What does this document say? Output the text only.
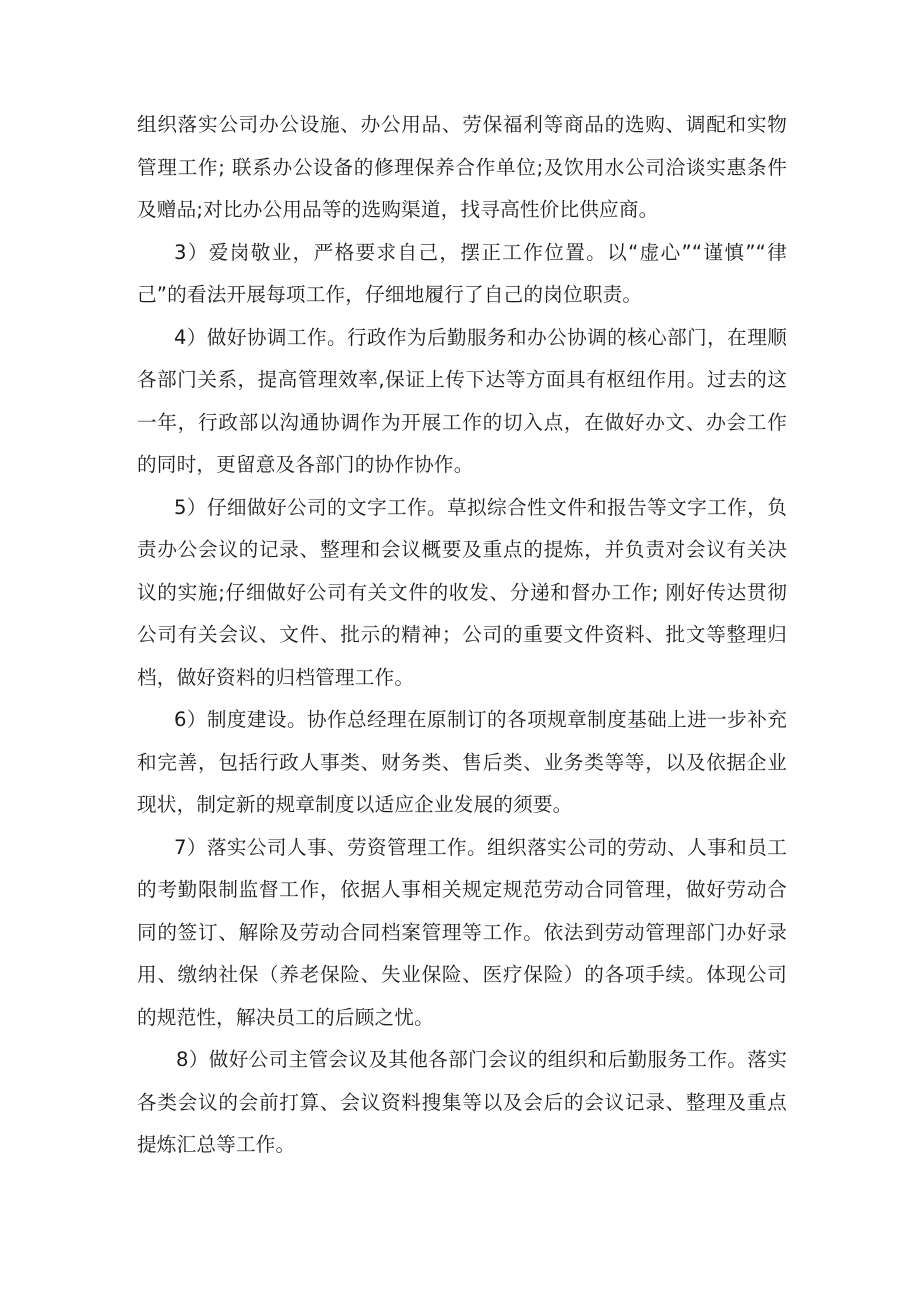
组织落实公司办公设施、办公用品、劳保福利等商品的选购、调配和实物管理工作; 联系办公设备的修理保养合作单位;及饮用水公司洽谈实惠条件及赠品;对比办公用品等的选购渠道，找寻高性价比供应商。

3）爱岗敬业，严格要求自己，摆正工作位置。以“虚心”“谨慎”“律己”的看法开展每项工作，仔细地履行了自己的岗位职责。

4）做好协调工作。行政作为后勤服务和办公协调的核心部门，在理顺各部门关系，提高管理效率,保证上传下达等方面具有枢纽作用。过去的这一年，行政部以沟通协调作为开展工作的切入点，在做好办文、办会工作的同时，更留意及各部门的协作协作。

5）仔细做好公司的文字工作。草拟综合性文件和报告等文字工作，负责办公会议的记录、整理和会议概要及重点的提炼，并负责对会议有关决议的实施;仔细做好公司有关文件的收发、分递和督办工作; 刚好传达贯彻公司有关会议、文件、批示的精神；公司的重要文件资料、批文等整理归档，做好资料的归档管理工作。

6）制度建设。协作总经理在原制订的各项规章制度基础上进一步补充和完善，包括行政人事类、财务类、售后类、业务类等等，以及依据企业现状，制定新的规章制度以适应企业发展的须要。

7）落实公司人事、劳资管理工作。组织落实公司的劳动、人事和员工的考勤限制监督工作，依据人事相关规定规范劳动合同管理，做好劳动合同的签订、解除及劳动合同档案管理等工作。依法到劳动管理部门办好录用、缴纳社保（养老保险、失业保险、医疗保险）的各项手续。体现公司的规范性，解决员工的后顾之忧。

8）做好公司主管会议及其他各部门会议的组织和后勤服务工作。落实各类会议的会前打算、会议资料搜集等以及会后的会议记录、整理及重点提炼汇总等工作。
